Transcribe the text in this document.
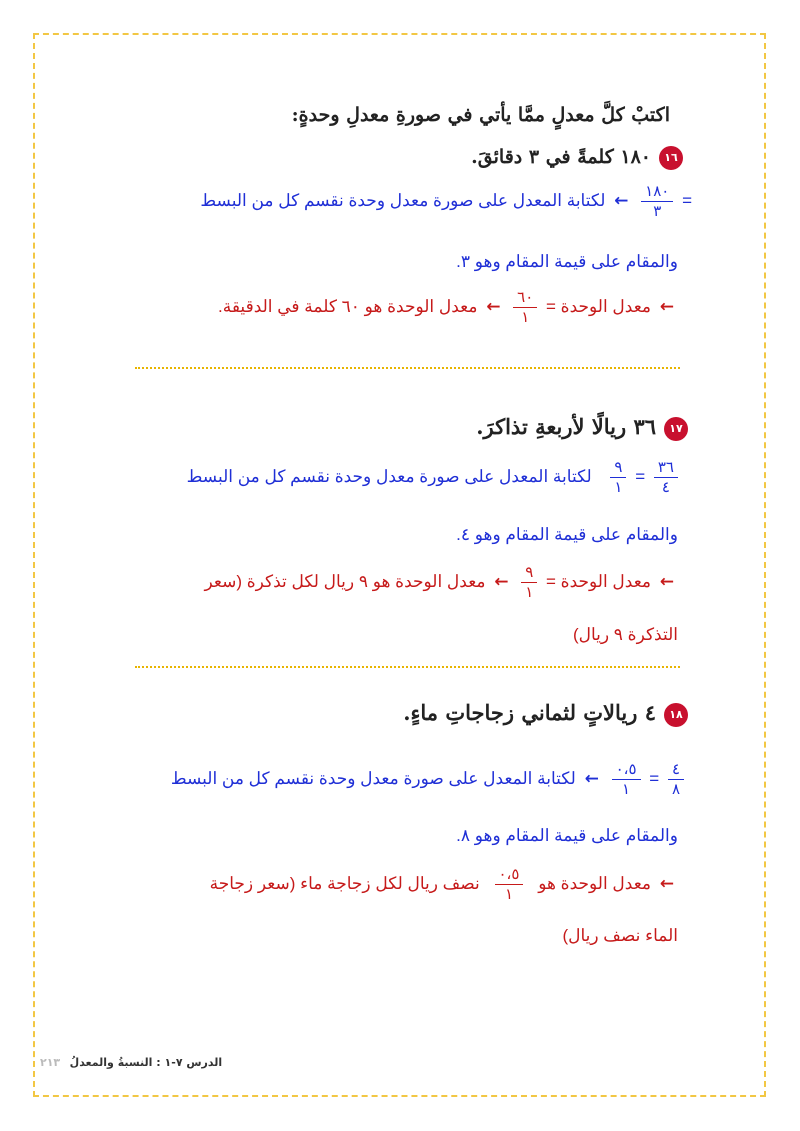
اكتبْ كلَّ معدلٍ ممَّا يأتي في صورةِ معدلِ وحدةٍ:
١٦١٨٠ كلمةً في ٣ دقائقَ.
=
$\frac{١٨٠}{٣}$
← لكتابة المعدل على صورة معدل وحدة نقسم كل من البسط
والمقام على قيمة المقام وهو ٣.
← معدل الوحدة =
$\frac{٦٠}{١}$
← معدل الوحدة هو ٦٠ كلمة في الدقيقة.
١٧٣٦ ريالًا لأربعةِ تذاكرَ.
$\frac{٣٦}{٤}$
=
$\frac{٩}{١}$
لكتابة المعدل على صورة معدل وحدة نقسم كل من البسط
والمقام على قيمة المقام وهو ٤.
← معدل الوحدة =
$\frac{٩}{١}$
← معدل الوحدة هو ٩ ريال لكل تذكرة (سعر
التذكرة ٩ ريال)
١٨٤ ريالاتٍ لثماني زجاجاتِ ماءٍ.
$\frac{٤}{٨}$
=
$\frac{٠،٥}{١}$
← لكتابة المعدل على صورة معدل وحدة نقسم كل من البسط
والمقام على قيمة المقام وهو ٨.
← معدل الوحدة هو
$\frac{٠،٥}{١}$
نصف ريال لكل زجاجة ماء (سعر زجاجة
الماء نصف ريال)
الدرس ٧-١ : النسبةُ والمعدلُ ٢١٣
